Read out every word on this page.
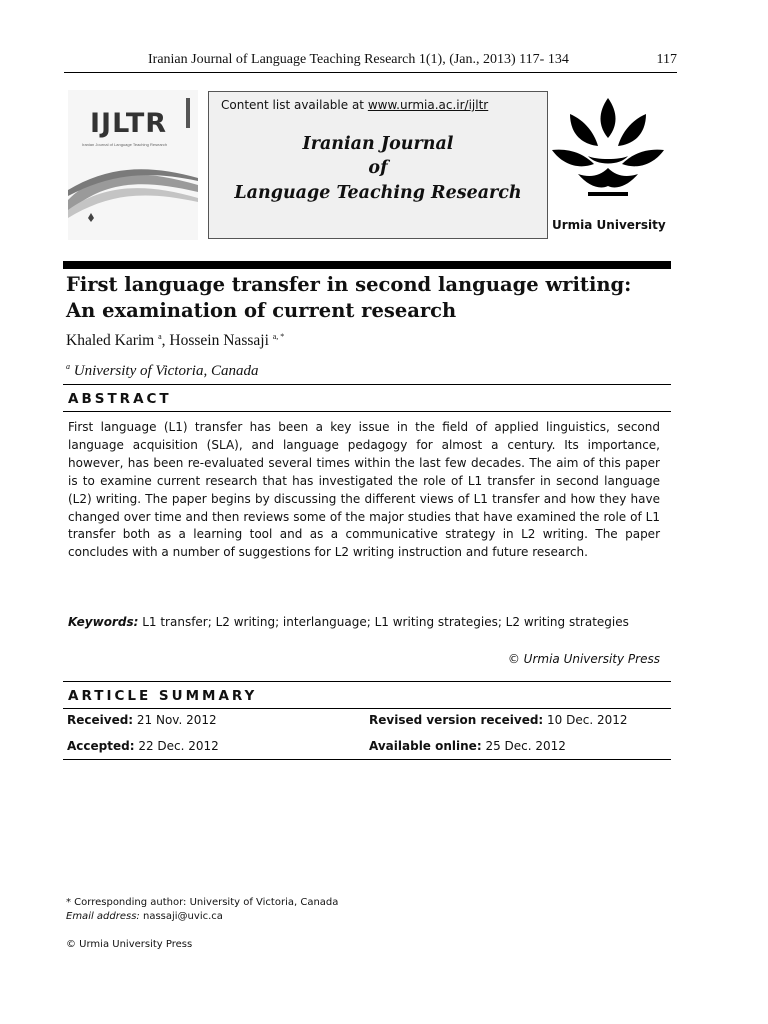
Iranian Journal of Language Teaching Research 1(1), (Jan., 2013) 117- 134	117
IJLTR
Iranian Journal of Language Teaching Research
Content list available at www.urmia.ac.ir/ijltr
Iranian Journal
of
Language Teaching Research
Urmia University
First language transfer in second language writing: An examination of current research
Khaled Karim $^a$, Hossein Nassaji $^{a, *}$
$^a$ University of Victoria, Canada
ABSTRACT
First language (L1) transfer has been a key issue in the field of applied linguistics, second language acquisition (SLA), and language pedagogy for almost a century. Its importance, however, has been re-evaluated several times within the last few decades. The aim of this paper is to examine current research that has investigated the role of L1 transfer in second language (L2) writing. The paper begins by discussing the different views of L1 transfer and how they have changed over time and then reviews some of the major studies that have examined the role of L1 transfer both as a learning tool and as a communicative strategy in L2 writing. The paper concludes with a number of suggestions for L2 writing instruction and future research.
Keywords: L1 transfer; L2 writing; interlanguage; L1 writing strategies; L2 writing strategies
© Urmia University Press
ARTICLE SUMMARY
Received: 21 Nov. 2012	Revised version received: 10 Dec. 2012
Accepted: 22 Dec. 2012	Available online: 25 Dec. 2012
* Corresponding author: University of Victoria, Canada
Email address: nassaji@uvic.ca
© Urmia University Press
